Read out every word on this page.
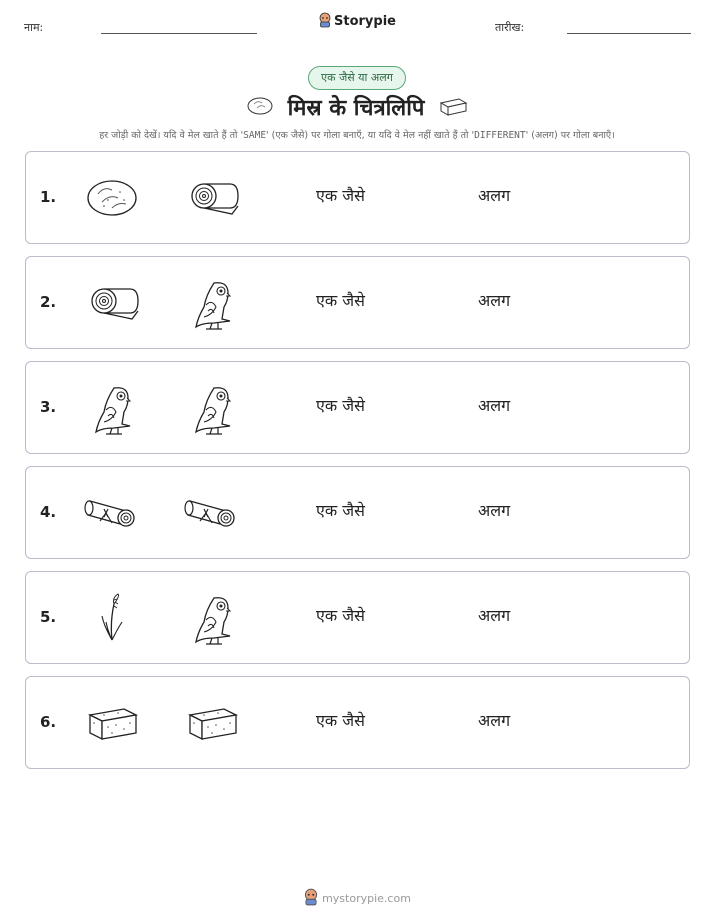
नाम:	Storypie	तारीख:
एक जैसे या अलग
मिस्र के चित्रलिपि
हर जोड़ी को देखें। यदि वे मेल खाते हैं तो 'SAME' (एक जैसे) पर गोला बनाएँ, या यदि वे मेल नहीं खाते हैं तो 'DIFFERENT' (अलग) पर गोला बनाएँ।
1.	एक जैसे	अलग
2.	एक जैसे	अलग
3.	एक जैसे	अलग
4.	एक जैसे	अलग
5.	एक जैसे	अलग
6.	एक जैसे	अलग
mystorypie.com
